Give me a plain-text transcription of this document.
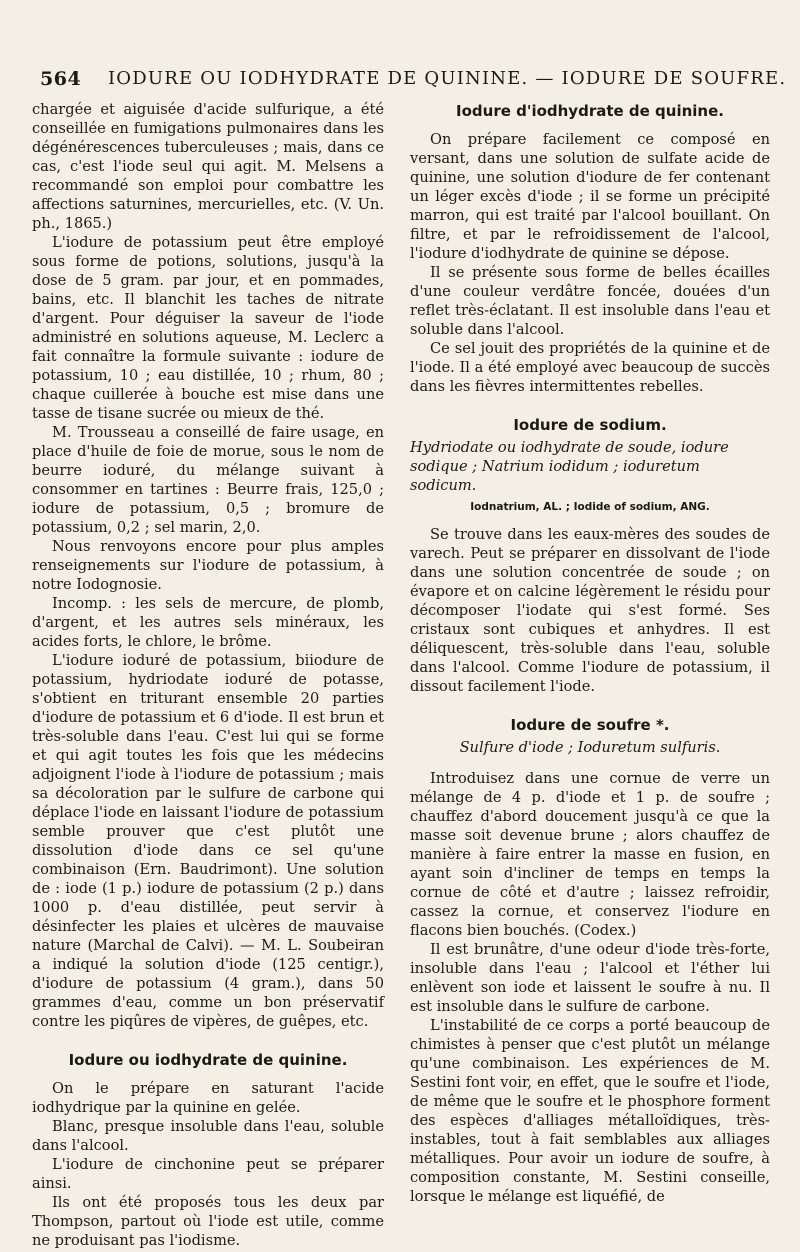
564 IODURE OU IODHYDRATE DE QUININE. — IODURE DE SOUFRE.

chargée et aiguisée d'acide sulfurique, a été conseillée en fumigations pulmonaires dans les dégénérescences tuberculeuses ; mais, dans ce cas, c'est l'iode seul qui agit. M. Melsens a recommandé son emploi pour combattre les affections saturnines, mercurielles, etc. (V. Un. ph., 1865.)

L'iodure de potassium peut être employé sous forme de potions, solutions, jusqu'à la dose de 5 gram. par jour, et en pommades, bains, etc. Il blanchit les taches de nitrate d'argent. Pour déguiser la saveur de l'iode administré en solutions aqueuse, M. Leclerc a fait connaître la formule suivante : iodure de potassium, 10 ; eau distillée, 10 ; rhum, 80 ; chaque cuillerée à bouche est mise dans une tasse de tisane sucrée ou mieux de thé.

M. Trousseau a conseillé de faire usage, en place d'huile de foie de morue, sous le nom de beurre ioduré, du mélange suivant à consommer en tartines : Beurre frais, 125,0 ; iodure de potassium, 0,5 ; bromure de potassium, 0,2 ; sel marin, 2,0.

Nous renvoyons encore pour plus amples renseignements sur l'iodure de potassium, à notre Iodognosie.

Incomp. : les sels de mercure, de plomb, d'argent, et les autres sels minéraux, les acides forts, le chlore, le brôme.

L'iodure ioduré de potassium, biiodure de potassium, hydriodate ioduré de potasse, s'obtient en triturant ensemble 20 parties d'iodure de potassium et 6 d'iode. Il est brun et très-soluble dans l'eau. C'est lui qui se forme et qui agit toutes les fois que les médecins adjoignent l'iode à l'iodure de potassium ; mais sa décoloration par le sulfure de carbone qui déplace l'iode en laissant l'iodure de potassium semble prouver que c'est plutôt une dissolution d'iode dans ce sel qu'une combinaison (Ern. Baudrimont). Une solution de : iode (1 p.) iodure de potassium (2 p.) dans 1000 p. d'eau distillée, peut servir à désinfecter les plaies et ulcères de mauvaise nature (Marchal de Calvi). — M. L. Soubeiran a indiqué la solution d'iode (125 centigr.), d'iodure de potassium (4 gram.), dans 50 grammes d'eau, comme un bon préservatif contre les piqûres de vipères, de guêpes, etc.

Iodure ou iodhydrate de quinine.

On le prépare en saturant l'acide iodhydrique par la quinine en gelée.

Blanc, presque insoluble dans l'eau, soluble dans l'alcool.

L'iodure de cinchonine peut se préparer ainsi.

Ils ont été proposés tous les deux par Thompson, partout où l'iode est utile, comme ne produisant pas l'iodisme.

Iodure d'iodhydrate de quinine.

On prépare facilement ce composé en versant, dans une solution de sulfate acide de quinine, une solution d'iodure de fer contenant un léger excès d'iode ; il se forme un précipité marron, qui est traité par l'alcool bouillant. On filtre, et par le refroidissement de l'alcool, l'iodure d'iodhydrate de quinine se dépose.

Il se présente sous forme de belles écailles d'une couleur verdâtre foncée, douées d'un reflet très-éclatant. Il est insoluble dans l'eau et soluble dans l'alcool.

Ce sel jouit des propriétés de la quinine et de l'iode. Il a été employé avec beaucoup de succès dans les fièvres intermittentes rebelles.

Iodure de sodium.

Hydriodate ou iodhydrate de soude, iodure sodique ; Natrium iodidum ; ioduretum sodicum.

Iodnatrium, AL. ; Iodide of sodium, ANG.

Se trouve dans les eaux-mères des soudes de varech. Peut se préparer en dissolvant de l'iode dans une solution concentrée de soude ; on évapore et on calcine légèrement le résidu pour décomposer l'iodate qui s'est formé. Ses cristaux sont cubiques et anhydres. Il est déliquescent, très-soluble dans l'eau, soluble dans l'alcool. Comme l'iodure de potassium, il dissout facilement l'iode.

Iodure de soufre *.

Sulfure d'iode ; Ioduretum sulfuris.

Introduisez dans une cornue de verre un mélange de 4 p. d'iode et 1 p. de soufre ; chauffez d'abord doucement jusqu'à ce que la masse soit devenue brune ; alors chauffez de manière à faire entrer la masse en fusion, en ayant soin d'incliner de temps en temps la cornue de côté et d'autre ; laissez refroidir, cassez la cornue, et conservez l'iodure en flacons bien bouchés. (Codex.)

Il est brunâtre, d'une odeur d'iode très-forte, insoluble dans l'eau ; l'alcool et l'éther lui enlèvent son iode et laissent le soufre à nu. Il est insoluble dans le sulfure de carbone.

L'instabilité de ce corps a porté beaucoup de chimistes à penser que c'est plutôt un mélange qu'une combinaison. Les expériences de M. Sestini font voir, en effet, que le soufre et l'iode, de même que le soufre et le phosphore forment des espèces d'alliages métalloïdiques, très-instables, tout à fait semblables aux alliages métalliques. Pour avoir un iodure de soufre, à composition constante, M. Sestini conseille, lorsque le mélange est liquéfié, de
